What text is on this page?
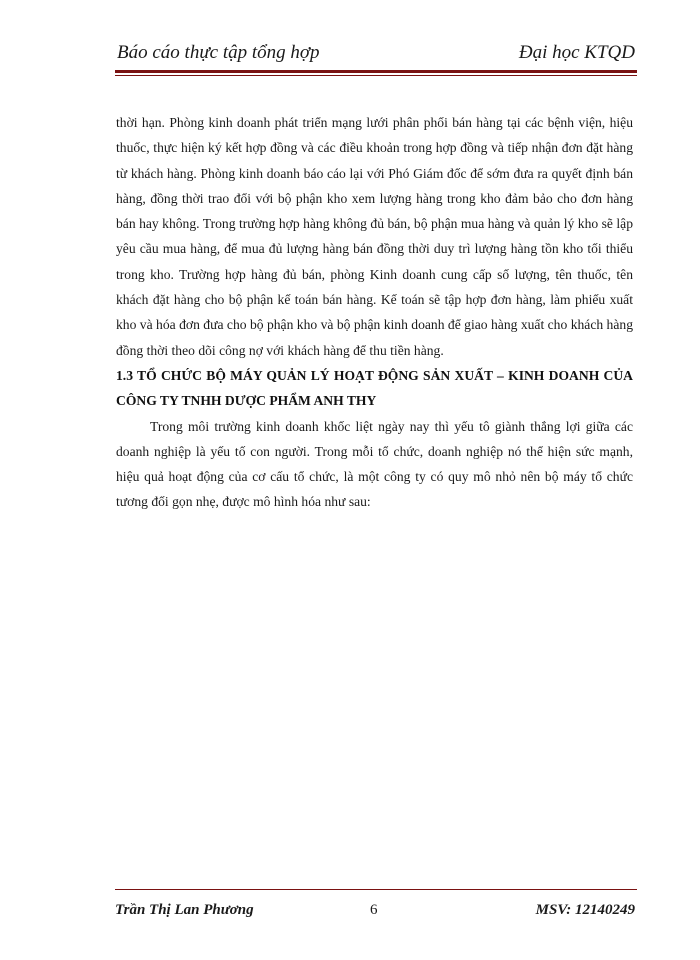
Báo cáo thực tập tổng hợp	Đại học KTQD

thời hạn. Phòng kinh doanh phát triển mạng lưới phân phối bán hàng tại các bệnh viện, hiệu thuốc, thực hiện ký kết hợp đồng và các điều khoản trong hợp đồng và tiếp nhận đơn đặt hàng từ khách hàng. Phòng kinh doanh báo cáo lại với Phó Giám đốc để sớm đưa ra quyết định bán hàng, đồng thời trao đổi với bộ phận kho xem lượng hàng trong kho đảm bảo cho đơn hàng bán hay không. Trong trường hợp hàng không đủ bán, bộ phận mua hàng và quản lý kho sẽ lập yêu cầu mua hàng, để mua đủ lượng hàng bán đồng thời duy trì lượng hàng tồn kho tối thiểu trong kho. Trường hợp hàng đủ bán, phòng Kinh doanh cung cấp số lượng, tên thuốc, tên khách đặt hàng cho bộ phận kế toán bán hàng. Kế toán sẽ tập hợp đơn hàng, làm phiếu xuất kho và hóa đơn đưa cho bộ phận kho và bộ phận kinh doanh để giao hàng xuất cho khách hàng đồng thời theo dõi công nợ với khách hàng để thu tiền hàng.

1.3 TỔ CHỨC BỘ MÁY QUẢN LÝ HOẠT ĐỘNG SẢN XUẤT – KINH DOANH CỦA CÔNG TY TNHH DƯỢC PHẨM ANH THY

Trong môi trường kinh doanh khốc liệt ngày nay thì yếu tô giành thắng lợi giữa các doanh nghiệp là yếu tố con người. Trong mỗi tổ chức, doanh nghiệp nó thể hiện sức mạnh, hiệu quả hoạt động của cơ cấu tổ chức, là một công ty có quy mô nhỏ nên bộ máy tổ chức tương đối gọn nhẹ, được mô hình hóa như sau:

Trần Thị Lan Phương	6	MSV: 12140249
